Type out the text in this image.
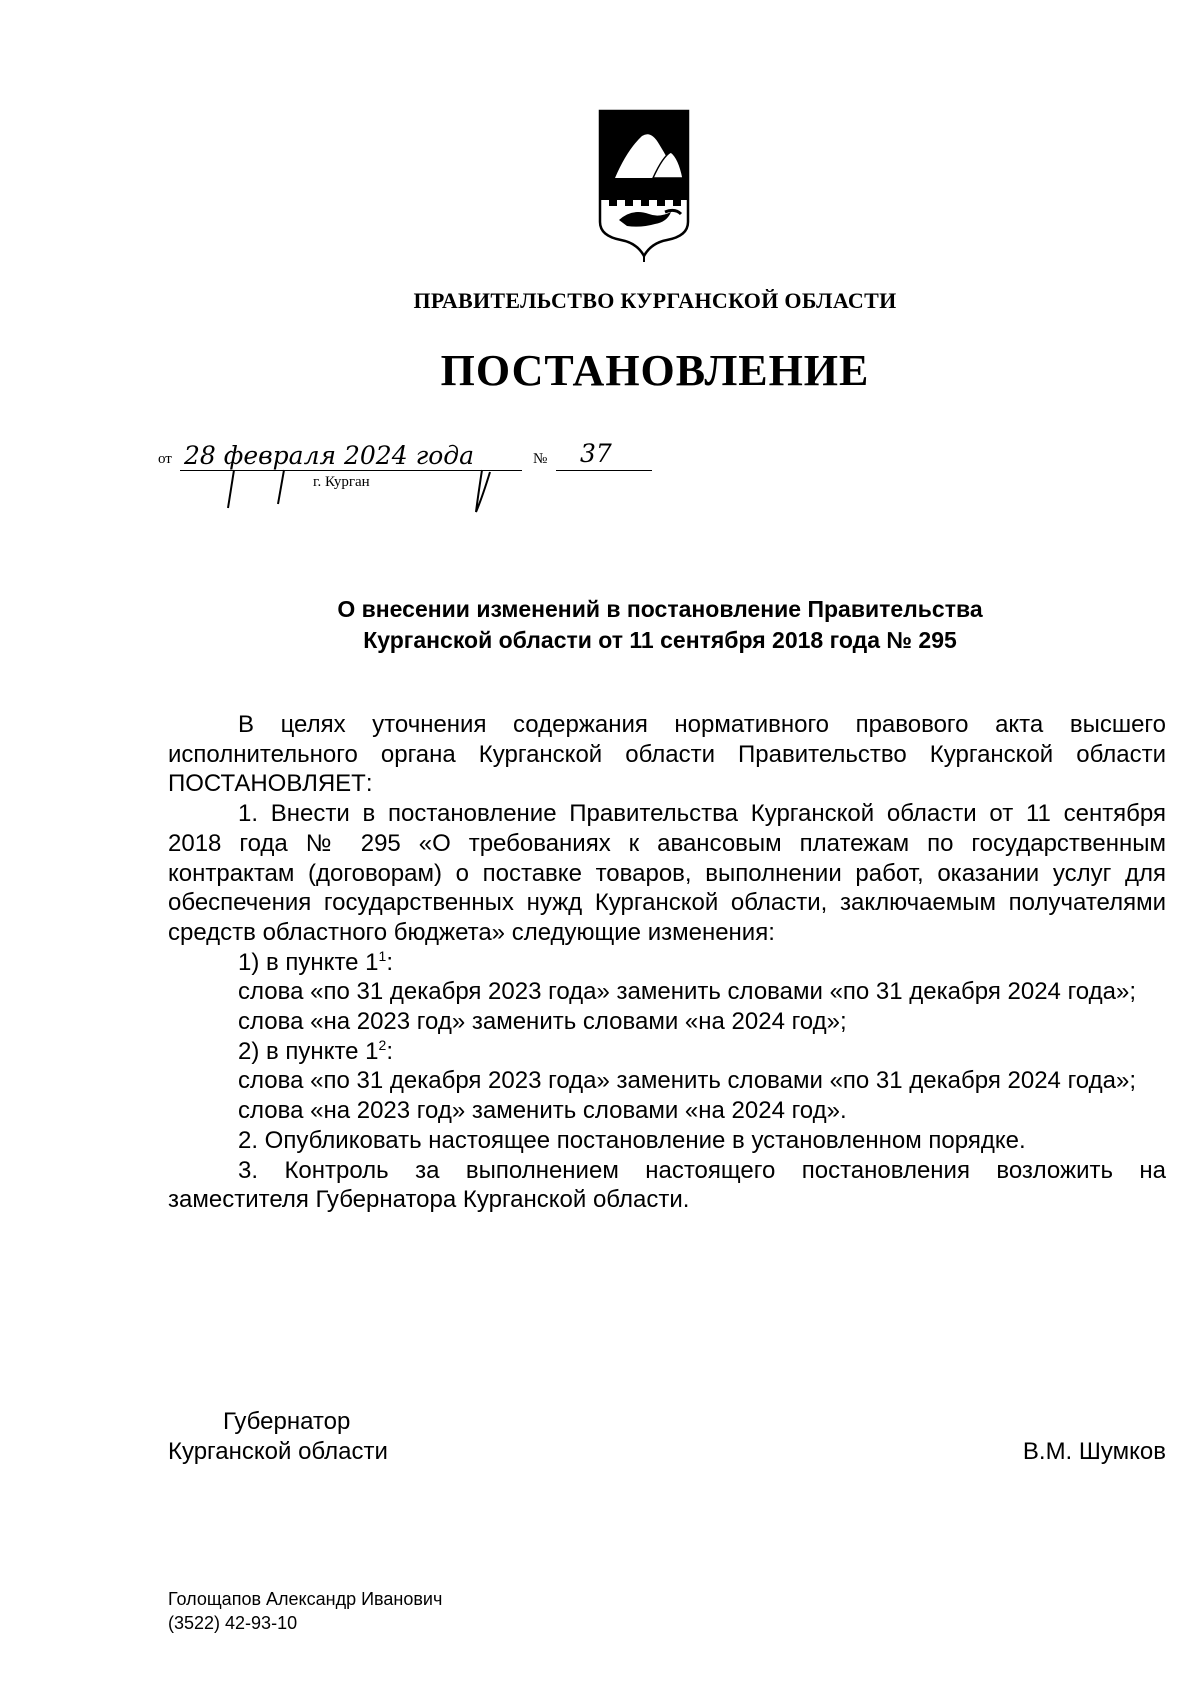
ПРАВИТЕЛЬСТВО КУРГАНСКОЙ ОБЛАСТИ
ПОСТАНОВЛЕНИЕ
от 28 февраля 2024 года	№ 37
г. Курган
О внесении изменений в постановление Правительства
Курганской области от 11 сентября 2018 года № 295

В целях уточнения содержания нормативного правового акта высшего исполнительного органа Курганской области Правительство Курганской области ПОСТАНОВЛЯЕТ:

1. Внести в постановление Правительства Курганской области от 11 сентября 2018 года № 295 «О требованиях к авансовым платежам по государственным контрактам (договорам) о поставке товаров, выполнении работ, оказании услуг для обеспечения государственных нужд Курганской области, заключаемым получателями средств областного бюджета» следующие изменения:

1) в пункте $1^1$:

слова «по 31 декабря 2023 года» заменить словами «по 31 декабря 2024 года»;

слова «на 2023 год» заменить словами «на 2024 год»;

2) в пункте $1^2$:

слова «по 31 декабря 2023 года» заменить словами «по 31 декабря 2024 года»;

слова «на 2023 год» заменить словами «на 2024 год».

2. Опубликовать настоящее постановление в установленном порядке.

3. Контроль за выполнением настоящего постановления возложить на заместителя Губернатора Курганской области.

Губернатор
Курганской области	В.М. Шумков
Голощапов Александр Иванович
(3522) 42-93-10
